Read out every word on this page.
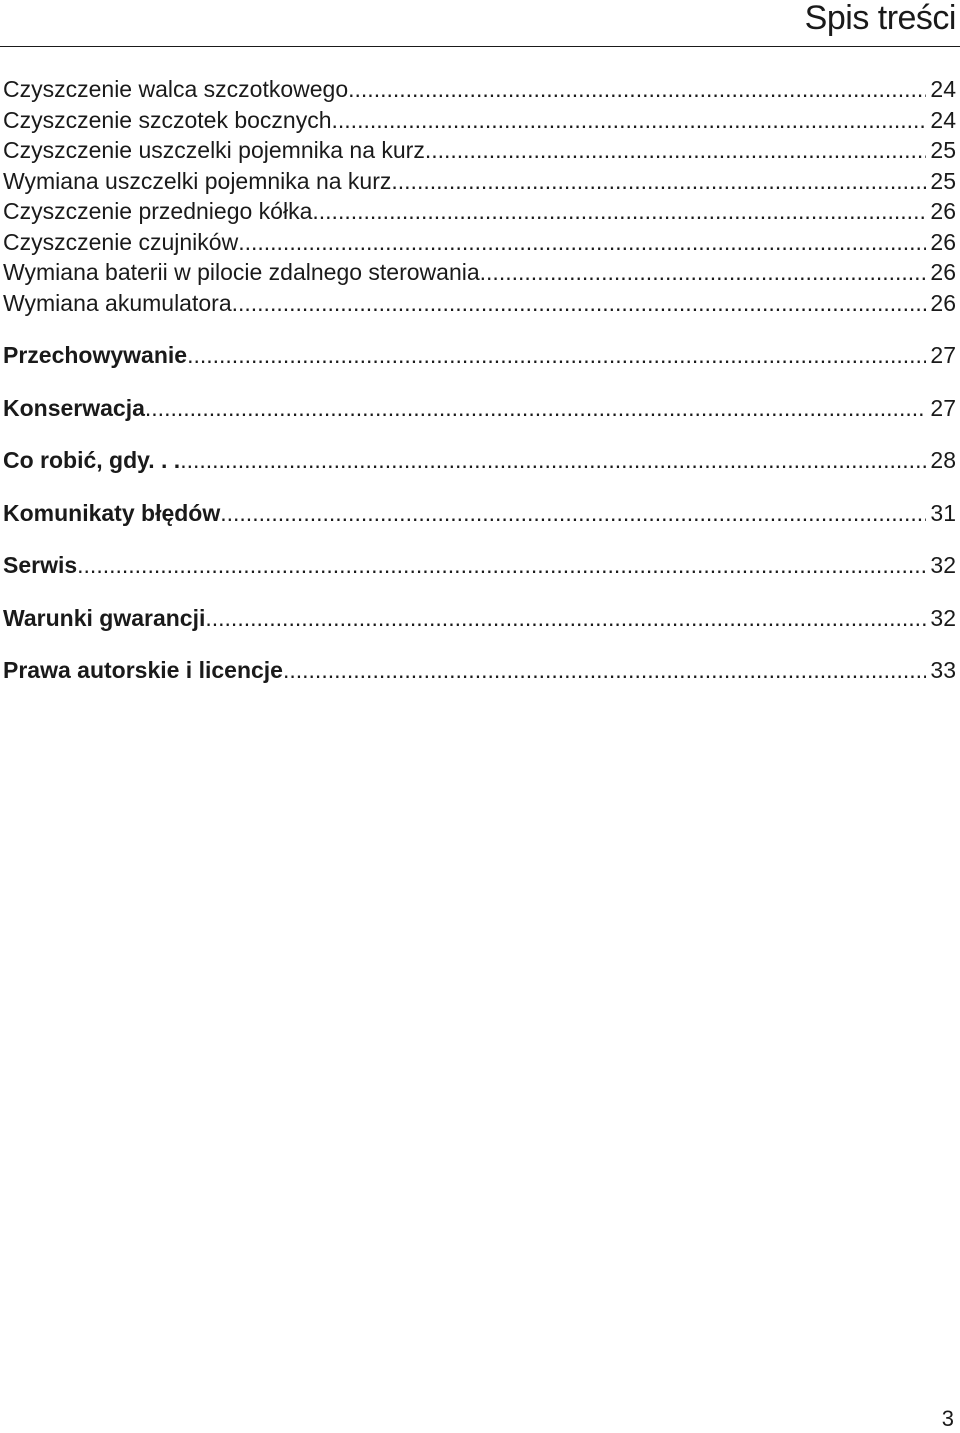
Spis treści
Czyszczenie walca szczotkowego .....	24
Czyszczenie szczotek bocznych .....	24
Czyszczenie uszczelki pojemnika na kurz .....	25
Wymiana uszczelki pojemnika na kurz .....	25
Czyszczenie przedniego kółka .....	26
Czyszczenie czujników .....	26
Wymiana baterii w pilocie zdalnego sterowania .....	26
Wymiana akumulatora .....	26
Przechowywanie .....	27
Konserwacja .....	27
Co robić, gdy. . . .....	28
Komunikaty błędów .....	31
Serwis .....	32
Warunki gwarancji .....	32
Prawa autorskie i licencje .....	33
3
